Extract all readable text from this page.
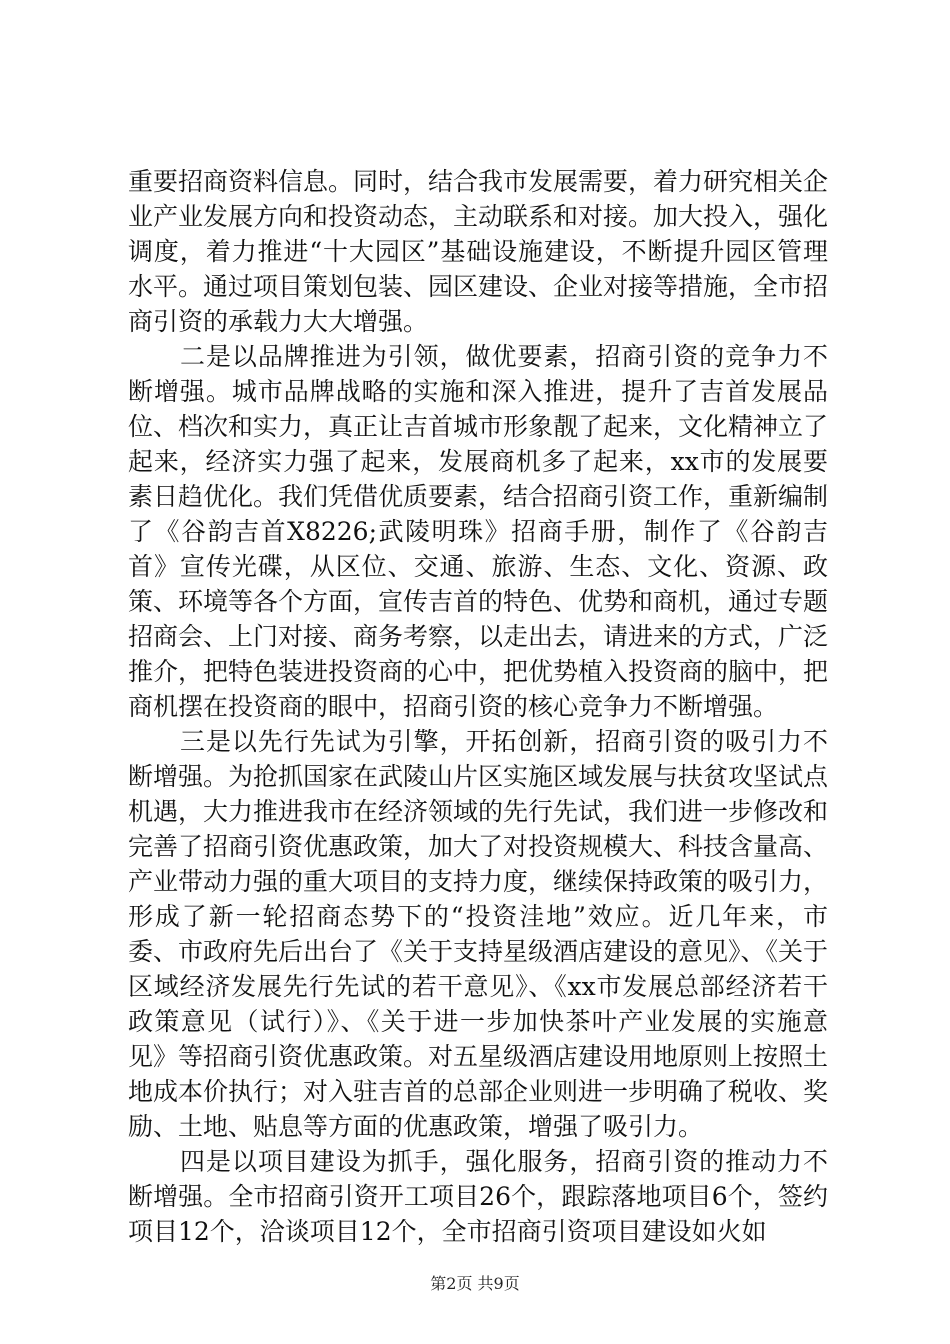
重要招商资料信息。同时，结合我市发展需要，着力研究相关企业产业发展方向和投资动态，主动联系和对接。加大投入，强化调度，着力推进“十大园区”基础设施建设，不断提升园区管理水平。通过项目策划包装、园区建设、企业对接等措施，全市招商引资的承载力大大增强。

二是以品牌推进为引领，做优要素，招商引资的竞争力不断增强。城市品牌战略的实施和深入推进，提升了吉首发展品位、档次和实力，真正让吉首城市形象靓了起来，文化精神立了起来，经济实力强了起来，发展商机多了起来，xx市的发展要素日趋优化。我们凭借优质要素，结合招商引资工作，重新编制了《谷韵吉首X8226;武陵明珠》招商手册，制作了《谷韵吉首》宣传光碟，从区位、交通、旅游、生态、文化、资源、政策、环境等各个方面，宣传吉首的特色、优势和商机，通过专题招商会、上门对接、商务考察，以走出去，请进来的方式，广泛推介，把特色装进投资商的心中，把优势植入投资商的脑中，把商机摆在投资商的眼中，招商引资的核心竞争力不断增强。

三是以先行先试为引擎，开拓创新，招商引资的吸引力不断增强。为抢抓国家在武陵山片区实施区域发展与扶贫攻坚试点机遇，大力推进我市在经济领域的先行先试，我们进一步修改和完善了招商引资优惠政策，加大了对投资规模大、科技含量高、产业带动力强的重大项目的支持力度，继续保持政策的吸引力，形成了新一轮招商态势下的“投资洼地”效应。近几年来，市委、市政府先后出台了《关于支持星级酒店建设的意见》、《关于区域经济发展先行先试的若干意见》、《xx市发展总部经济若干政策意见（试行）》、《关于进一步加快茶叶产业发展的实施意见》等招商引资优惠政策。对五星级酒店建设用地原则上按照土地成本价执行；对入驻吉首的总部企业则进一步明确了税收、奖励、土地、贴息等方面的优惠政策，增强了吸引力。

四是以项目建设为抓手，强化服务，招商引资的推动力不断增强。全市招商引资开工项目26个，跟踪落地项目6个，签约项目12个，洽谈项目12个，全市招商引资项目建设如火如

第2页 共9页
